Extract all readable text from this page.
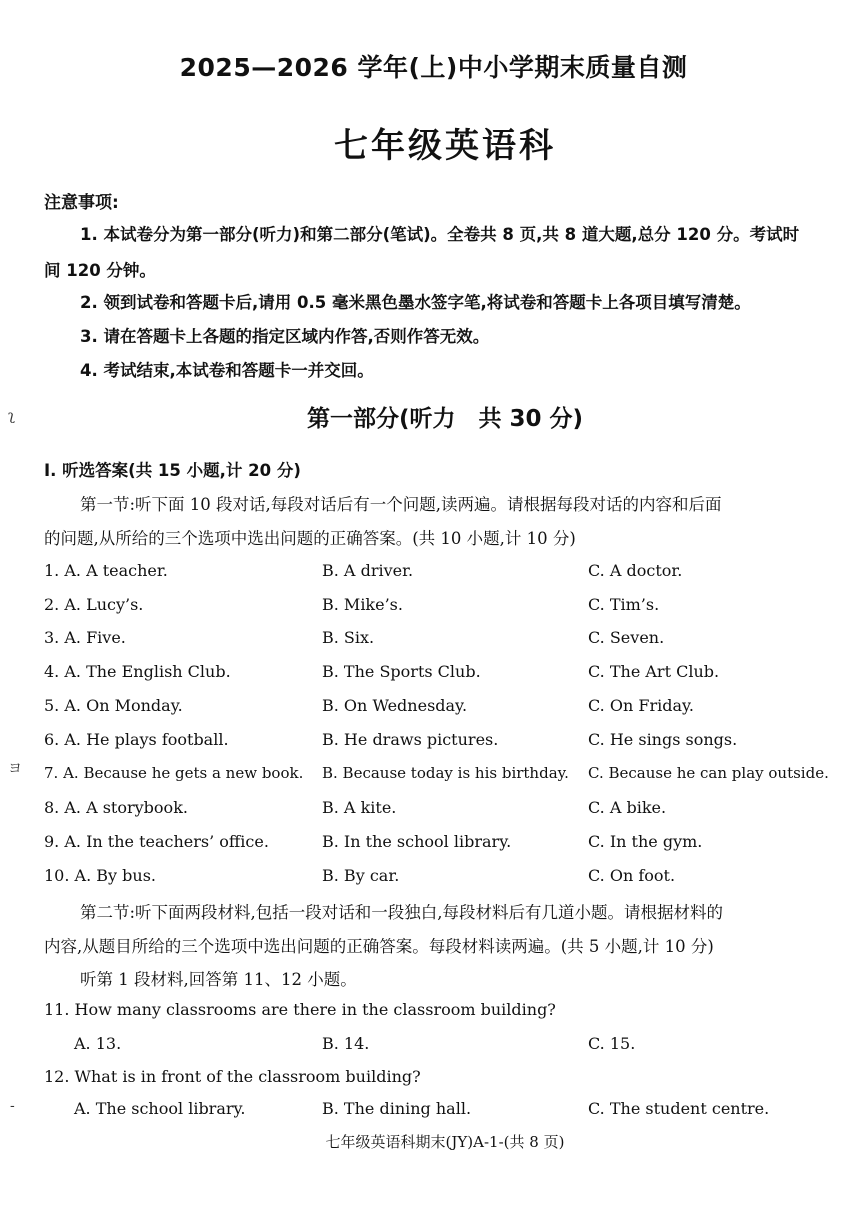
2025—2026 学年(上)中小学期末质量自测
七年级英语科
注意事项:
1. 本试卷分为第一部分(听力)和第二部分(笔试)。全卷共 8 页,共 8 道大题,总分 120 分。考试时
间 120 分钟。
2. 领到试卷和答题卡后,请用 0.5 毫米黑色墨水签字笔,将试卷和答题卡上各项目填写清楚。
3. 请在答题卡上各题的指定区域内作答,否则作答无效。
4. 考试结束,本试卷和答题卡一并交回。
ʅ
ヨ
-
第一部分(听力　共 30 分)
Ⅰ. 听选答案(共 15 小题,计 20 分)
第一节:听下面 10 段对话,每段对话后有一个问题,读两遍。请根据每段对话的内容和后面
的问题,从所给的三个选项中选出问题的正确答案。(共 10 小题,计 10 分)
1. A. A teacher.	B. A driver.	C. A doctor.
2. A. Lucy’s.	B. Mike’s.	C. Tim’s.
3. A. Five.	B. Six.	C. Seven.
4. A. The English Club.	B. The Sports Club.	C. The Art Club.
5. A. On Monday.	B. On Wednesday.	C. On Friday.
6. A. He plays football.	B. He draws pictures.	C. He sings songs.
7. A. Because he gets a new book. B. Because today is his birthday. C. Because he can play outside.
8. A. A storybook.	B. A kite.	C. A bike.
9. A. In the teachers’ office.	B. In the school library.	C. In the gym.
10. A. By bus.	B. By car.	C. On foot.
第二节:听下面两段材料,包括一段对话和一段独白,每段材料后有几道小题。请根据材料的
内容,从题目所给的三个选项中选出问题的正确答案。每段材料读两遍。(共 5 小题,计 10 分)
听第 1 段材料,回答第 11、12 小题。
11. How many classrooms are there in the classroom building?
A. 13.	B. 14.	C. 15.
12. What is in front of the classroom building?
A. The school library.	B. The dining hall.	C. The student centre.
七年级英语科期末(JY)A-1-(共 8 页)
